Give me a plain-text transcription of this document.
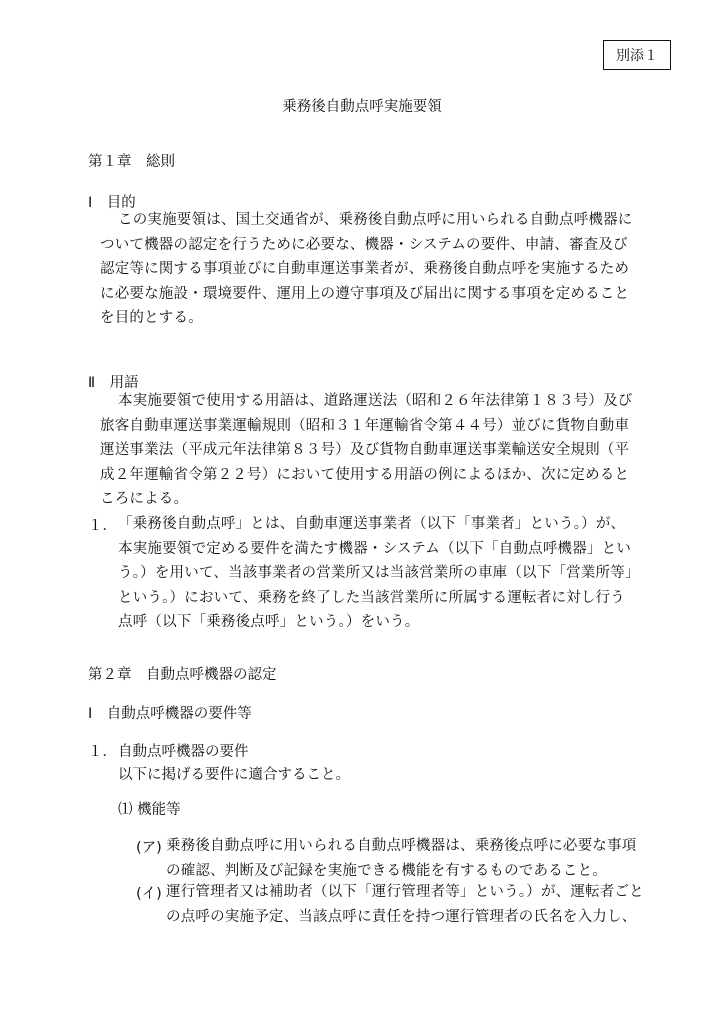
別添１
乗務後自動点呼実施要領
第１章　総則
Ⅰ　目的
この実施要領は、国土交通省が、乗務後自動点呼に用いられる自動点呼機器について機器の認定を行うために必要な、機器・システムの要件、申請、審査及び認定等に関する事項並びに自動車運送事業者が、乗務後自動点呼を実施するために必要な施設・環境要件、運用上の遵守事項及び届出に関する事項を定めることを目的とする。
Ⅱ　用語
本実施要領で使用する用語は、道路運送法（昭和２６年法律第１８３号）及び旅客自動車運送事業運輸規則（昭和３１年運輸省令第４４号）並びに貨物自動車運送事業法（平成元年法律第８３号）及び貨物自動車運送事業輸送安全規則（平成２年運輸省令第２２号）において使用する用語の例によるほか、次に定めるところによる。
１． 「乗務後自動点呼」とは、自動車運送事業者（以下「事業者」という。）が、本実施要領で定める要件を満たす機器・システム（以下「自動点呼機器」という。）を用いて、当該事業者の営業所又は当該営業所の車庫（以下「営業所等」という。）において、乗務を終了した当該営業所に所属する運転者に対し行う点呼（以下「乗務後点呼」という。）をいう。
第２章　自動点呼機器の認定
Ⅰ　自動点呼機器の要件等
１． 自動点呼機器の要件
以下に掲げる要件に適合すること。
⑴ 機能等
(ア) 乗務後自動点呼に用いられる自動点呼機器は、乗務後点呼に必要な事項の確認、判断及び記録を実施できる機能を有するものであること。
(イ) 運行管理者又は補助者（以下「運行管理者等」という。）が、運転者ごとの点呼の実施予定、当該点呼に責任を持つ運行管理者の氏名を入力し、
